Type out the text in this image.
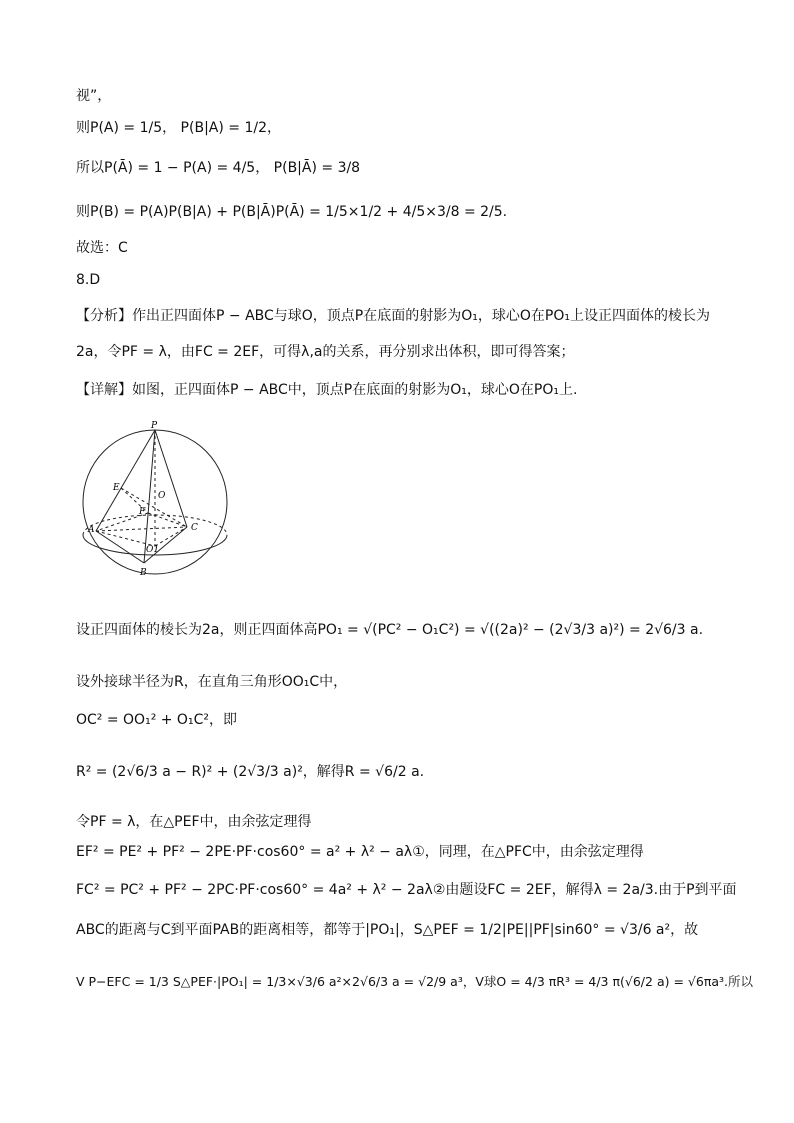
视”，
则P(A) = 1/5， P(B|A) = 1/2，
所以P(Ā) = 1 − P(A) = 4/5， P(B|Ā) = 3/8
则P(B) = P(A)P(B|A) + P(B|Ā)P(Ā) = 1/5×1/2 + 4/5×3/8 = 2/5.
故选：C
8.D
【分析】作出正四面体P − ABC与球O，顶点P在底面的射影为O₁，球心O在PO₁上设正四面体的棱长为
2a，令PF = λ，由FC = 2EF，可得λ,a的关系，再分别求出体积，即可得答案；
【详解】如图，正四面体P − ABC中，顶点P在底面的射影为O₁，球心O在PO₁上.
P
E
O
F
A	C
O1
B
设正四面体的棱长为2a，则正四面体高PO₁ = √(PC² − O₁C²) = √((2a)² − (2√3/3 a)²) = 2√6/3 a.
设外接球半径为R，在直角三角形OO₁C中，
OC² = OO₁² + O₁C²，即
R² = (2√6/3 a − R)² + (2√3/3 a)²，解得R = √6/2 a.
令PF = λ，在△PEF中，由余弦定理得
EF² = PE² + PF² − 2PE·PF·cos60° = a² + λ² − aλ①，同理，在△PFC中，由余弦定理得
FC² = PC² + PF² − 2PC·PF·cos60° = 4a² + λ² − 2aλ②由题设FC = 2EF，解得λ = 2a/3.由于P到平面
ABC的距离与C到平面PAB的距离相等，都等于|PO₁|，S△PEF = 1/2|PE||PF|sin60° = √3/6 a²，故
V P−EFC = 1/3 S△PEF·|PO₁| = 1/3×√3/6 a²×2√6/3 a = √2/9 a³，V球O = 4/3 πR³ = 4/3 π(√6/2 a) = √6πa³.所以
